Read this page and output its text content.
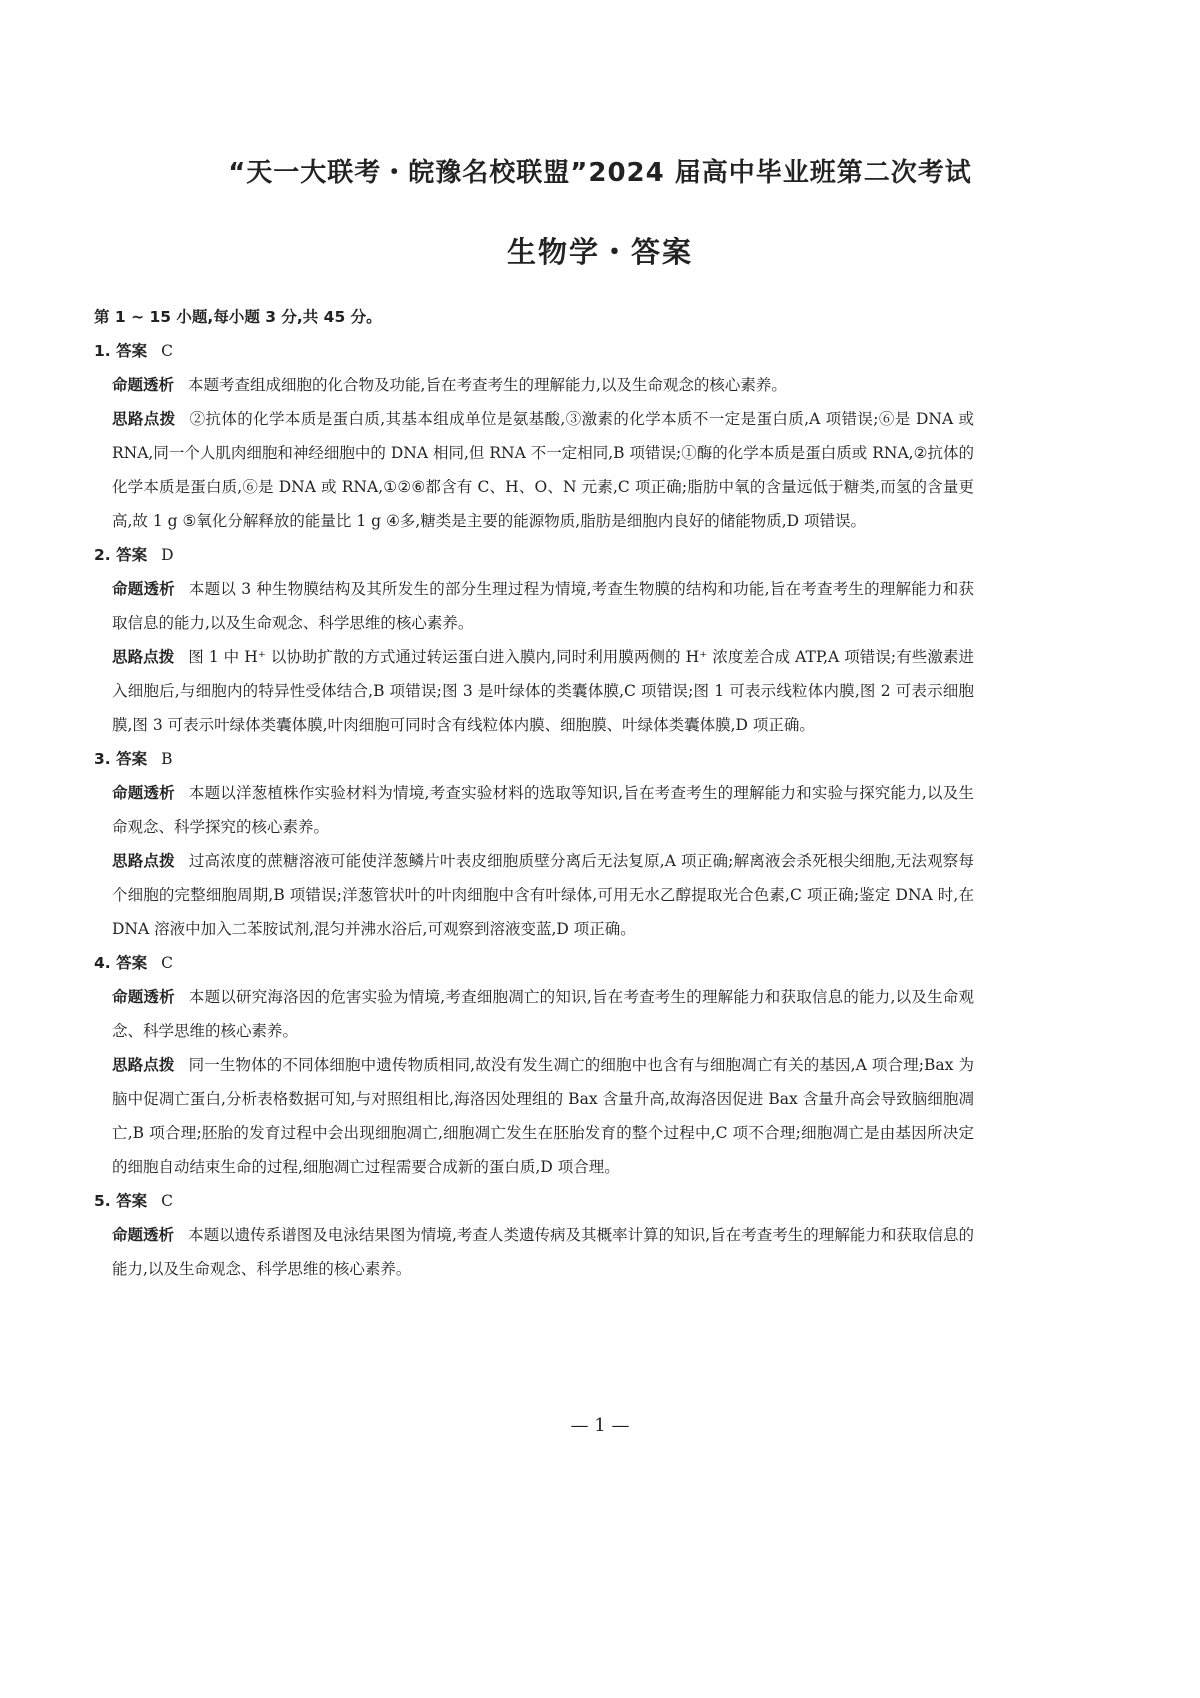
“天一大联考・皖豫名校联盟”2024 届高中毕业班第二次考试
生物学・答案
第 1 ~ 15 小题,每小题 3 分,共 45 分。
1. 答案 C
命题透析 本题考查组成细胞的化合物及功能,旨在考查考生的理解能力,以及生命观念的核心素养。
思路点拨 ②抗体的化学本质是蛋白质,其基本组成单位是氨基酸,③激素的化学本质不一定是蛋白质,A 项错误;⑥是 DNA 或 RNA,同一个人肌肉细胞和神经细胞中的 DNA 相同,但 RNA 不一定相同,B 项错误;①酶的化学本质是蛋白质或 RNA,②抗体的化学本质是蛋白质,⑥是 DNA 或 RNA,①②⑥都含有 C、H、O、N 元素,C 项正确;脂肪中氧的含量远低于糖类,而氢的含量更高,故 1 g ⑤氧化分解释放的能量比 1 g ④多,糖类是主要的能源物质,脂肪是细胞内良好的储能物质,D 项错误。
2. 答案 D
命题透析 本题以 3 种生物膜结构及其所发生的部分生理过程为情境,考查生物膜的结构和功能,旨在考查考生的理解能力和获取信息的能力,以及生命观念、科学思维的核心素养。
思路点拨 图 1 中 H⁺ 以协助扩散的方式通过转运蛋白进入膜内,同时利用膜两侧的 H⁺ 浓度差合成 ATP,A 项错误;有些激素进入细胞后,与细胞内的特异性受体结合,B 项错误;图 3 是叶绿体的类囊体膜,C 项错误;图 1 可表示线粒体内膜,图 2 可表示细胞膜,图 3 可表示叶绿体类囊体膜,叶肉细胞可同时含有线粒体内膜、细胞膜、叶绿体类囊体膜,D 项正确。
3. 答案 B
命题透析 本题以洋葱植株作实验材料为情境,考查实验材料的选取等知识,旨在考查考生的理解能力和实验与探究能力,以及生命观念、科学探究的核心素养。
思路点拨 过高浓度的蔗糖溶液可能使洋葱鳞片叶表皮细胞质壁分离后无法复原,A 项正确;解离液会杀死根尖细胞,无法观察每个细胞的完整细胞周期,B 项错误;洋葱管状叶的叶肉细胞中含有叶绿体,可用无水乙醇提取光合色素,C 项正确;鉴定 DNA 时,在 DNA 溶液中加入二苯胺试剂,混匀并沸水浴后,可观察到溶液变蓝,D 项正确。
4. 答案 C
命题透析 本题以研究海洛因的危害实验为情境,考查细胞凋亡的知识,旨在考查考生的理解能力和获取信息的能力,以及生命观念、科学思维的核心素养。
思路点拨 同一生物体的不同体细胞中遗传物质相同,故没有发生凋亡的细胞中也含有与细胞凋亡有关的基因,A 项合理;Bax 为脑中促凋亡蛋白,分析表格数据可知,与对照组相比,海洛因处理组的 Bax 含量升高,故海洛因促进 Bax 含量升高会导致脑细胞凋亡,B 项合理;胚胎的发育过程中会出现细胞凋亡,细胞凋亡发生在胚胎发育的整个过程中,C 项不合理;细胞凋亡是由基因所决定的细胞自动结束生命的过程,细胞凋亡过程需要合成新的蛋白质,D 项合理。
5. 答案 C
命题透析 本题以遗传系谱图及电泳结果图为情境,考查人类遗传病及其概率计算的知识,旨在考查考生的理解能力和获取信息的能力,以及生命观念、科学思维的核心素养。
— 1 —
